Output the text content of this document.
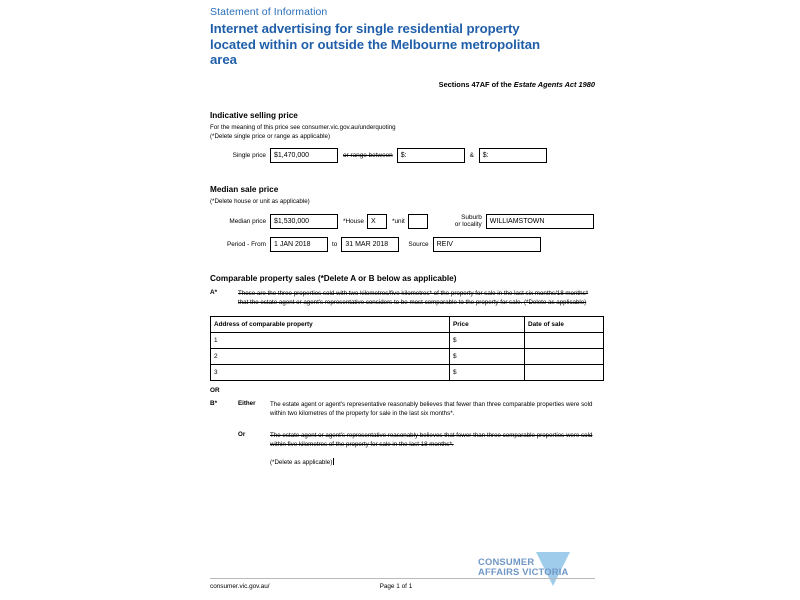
Statement of Information
Internet advertising for single residential property
located within or outside the Melbourne metropolitan
area
Sections 47AF of the Estate Agents Act 1980
Indicative selling price
For the meaning of this price see consumer.vic.gov.au/underquoting
(*Delete single price or range as applicable)
Single price	$1,470,000	or range between	$:	&	$:
Median sale price
(*Delete house or unit as applicable)
Median price	$1,530,000	*House	X	*unit
Suburb
or locality	WILLIAMSTOWN
Period - From	1 JAN 2018	to	31 MAR 2018	Source	REIV
Comparable property sales (*Delete A or B below as applicable)
A*	These are the three properties sold with two kilometres/five kilometres* of the property for sale in the last six months/18 months* that the estate agent or agent's representative considers to be most comparable to the property for sale. (*Delete as applicable)
Address of comparable property	Price	Date of sale
1	$	
2	$	
3	$	
OR
B*	Either	The estate agent or agent's representative reasonably believes that fewer than three comparable properties were sold within two kilometres of the property for sale in the last six months*.
Or	The estate agent or agent's representative reasonably believes that fewer than three comparable properties were sold within five kilometres of the property for sale in the last 18 months*.
(*Delete as applicable)
CONSUMER
AFFAIRS VICTORIA
consumer.vic.gov.au/	Page 1 of 1
